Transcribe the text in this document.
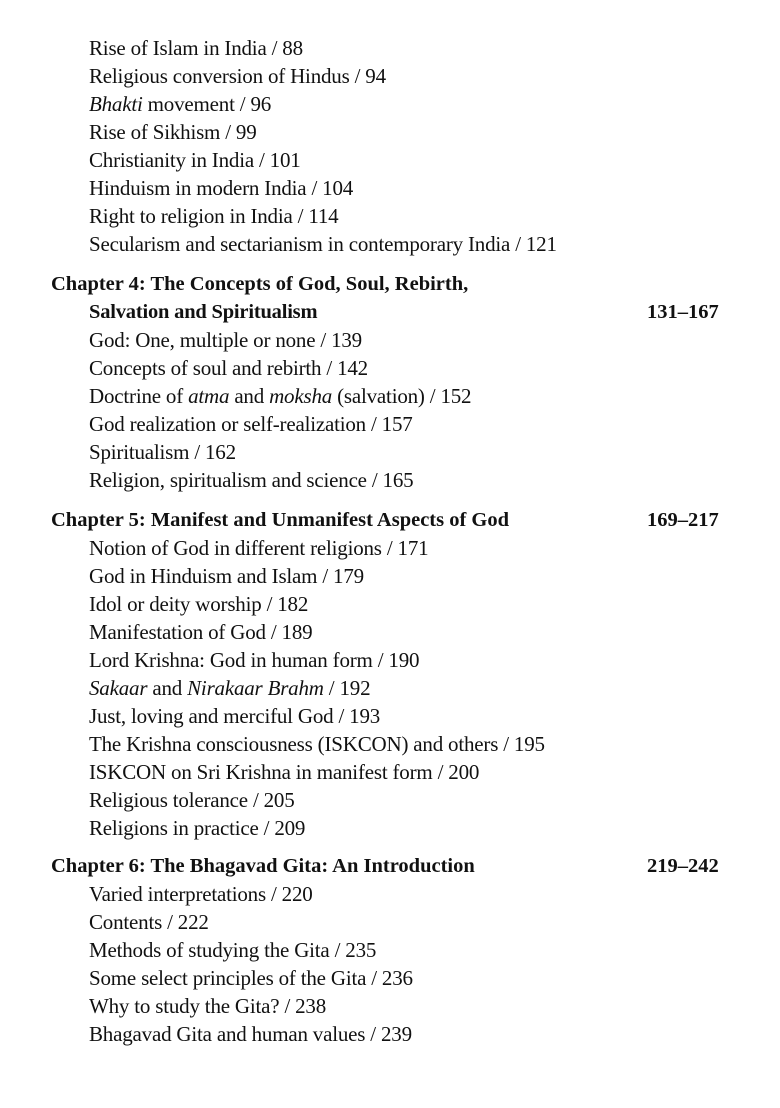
Rise of Islam in India / 88
Religious conversion of Hindus / 94
Bhakti movement / 96
Rise of Sikhism / 99
Christianity in India / 101
Hinduism in modern India / 104
Right to religion in India / 114
Secularism and sectarianism in contemporary India / 121
Chapter 4: The Concepts of God, Soul, Rebirth,
Salvation and Spiritualism	131–167
God: One, multiple or none / 139
Concepts of soul and rebirth / 142
Doctrine of atma and moksha (salvation) / 152
God realization or self-realization / 157
Spiritualism / 162
Religion, spiritualism and science / 165
Chapter 5: Manifest and Unmanifest Aspects of God	169–217
Notion of God in different religions / 171
God in Hinduism and Islam / 179
Idol or deity worship / 182
Manifestation of God / 189
Lord Krishna: God in human form / 190
Sakaar and Nirakaar Brahm / 192
Just, loving and merciful God / 193
The Krishna consciousness (ISKCON) and others / 195
ISKCON on Sri Krishna in manifest form / 200
Religious tolerance / 205
Religions in practice / 209
Chapter 6: The Bhagavad Gita: An Introduction	219–242
Varied interpretations / 220
Contents / 222
Methods of studying the Gita / 235
Some select principles of the Gita / 236
Why to study the Gita? / 238
Bhagavad Gita and human values / 239
